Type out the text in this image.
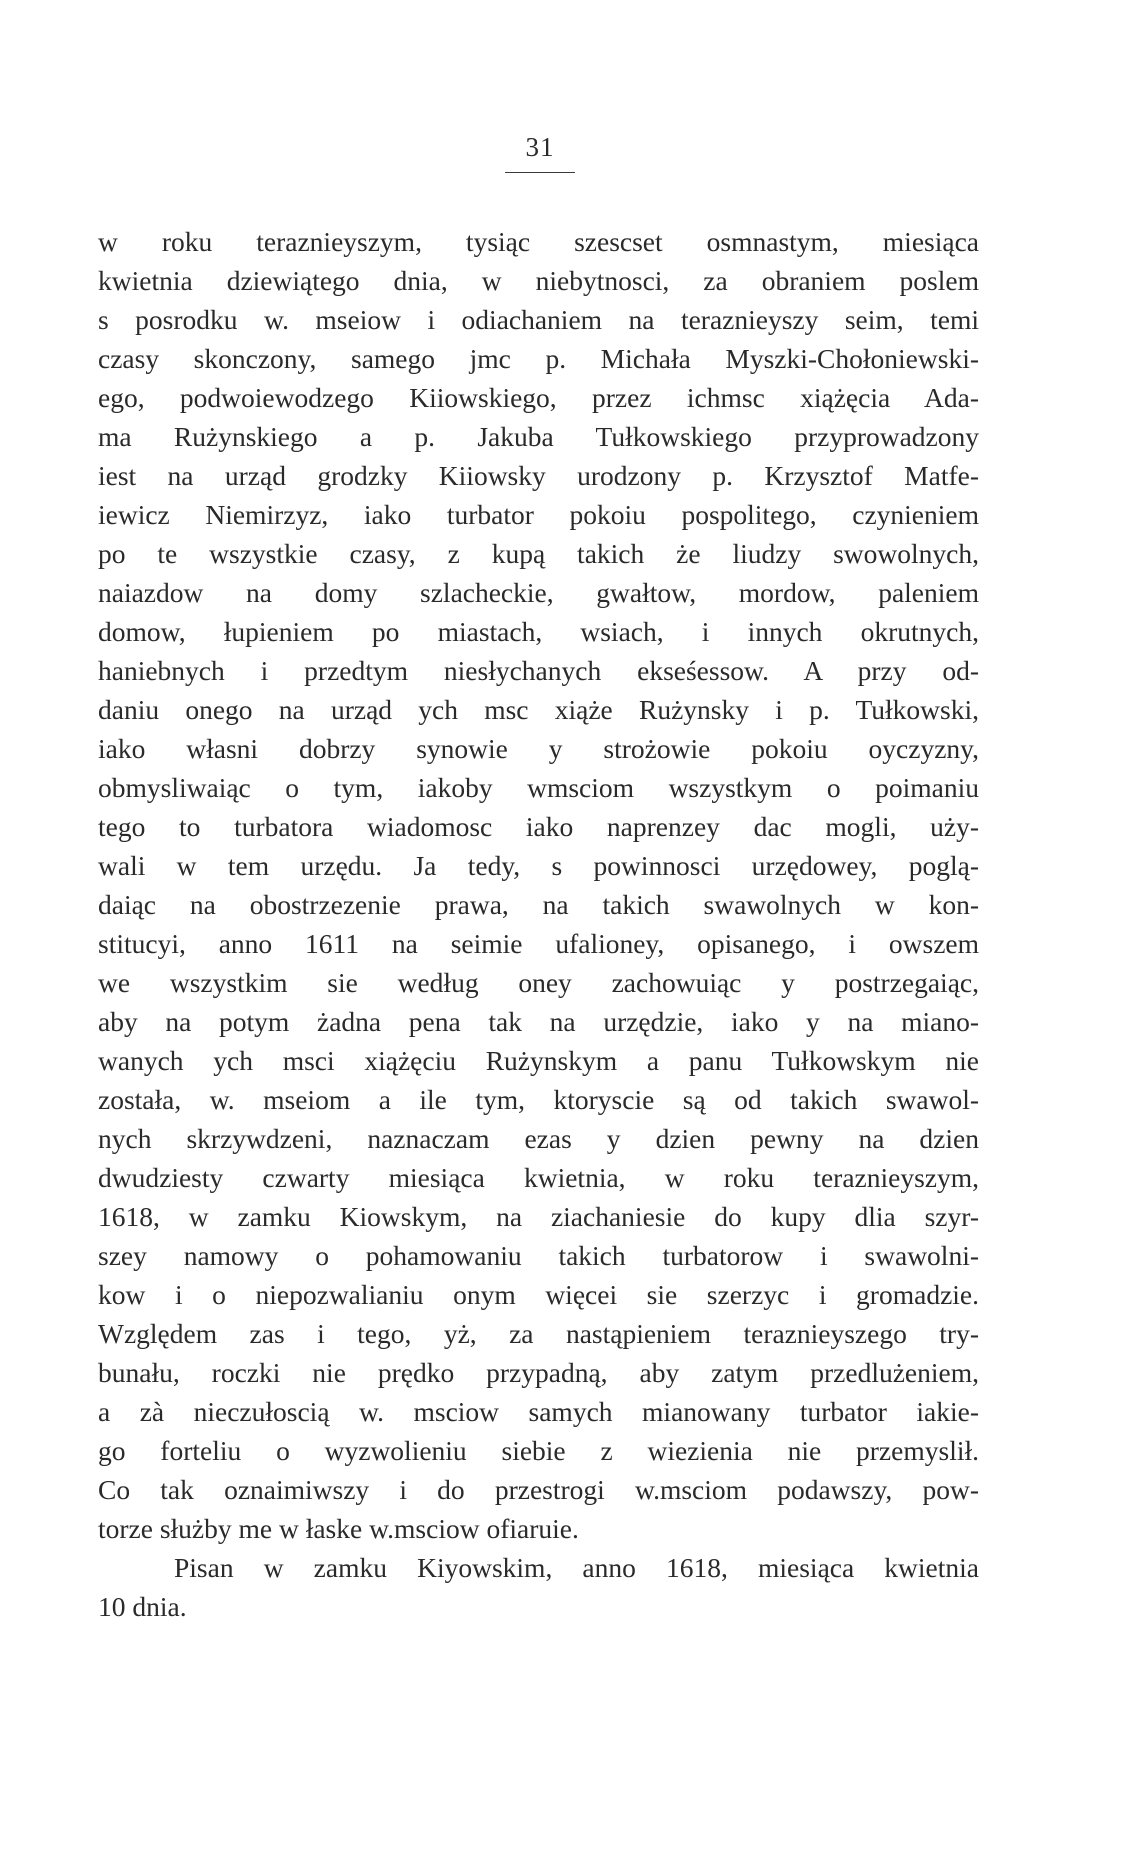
31
w roku teraznieyszym, tysiąc szescset osmnastym, miesiąca
kwietnia dziewiątego dnia, w niebytnosci, za obraniem poslem
s posrodku w. mseiow i odiachaniem na teraznieyszy seim, temi
czasy skonczony, samego jmc p. Michała Myszki-Chołoniewski-
ego, podwoiewodzego Kiiowskiego, przez ichmsc xiążęcia Ada-
ma Rużynskiego a p. Jakuba Tułkowskiego przyprowadzony
iest na urząd grodzky Kiiowsky urodzony p. Krzysztof Matfe-
iewicz Niemirzyz, iako turbator pokoiu pospolitego, czynieniem
po te wszystkie czasy, z kupą takich że liudzy swowolnych,
naiazdow na domy szlacheckie, gwałtow, mordow, paleniem
domow, łupieniem po miastach, wsiach, i innych okrutnych,
haniebnych i przedtym niesłychanych ekseśessow. A przy od-
daniu onego na urząd ych msc xiąże Rużynsky i p. Tułkowski,
iako własni dobrzy synowie y strożowie pokoiu oyczyzny,
obmysliwaiąc o tym, iakoby wmsciom wszystkym o poimaniu
tego to turbatora wiadomosc iako naprenzey dac mogli, uży-
wali w tem urzędu. Ja tedy, s powinnosci urzędowey, poglą-
daiąc na obostrzezenie prawa, na takich swawolnych w kon-
stitucyi, anno 1611 na seimie ufalioney, opisanego, i owszem
we wszystkim sie według oney zachowuiąc y postrzegaiąc,
aby na potym żadna pena tak na urzędzie, iako y na miano-
wanych ych msci xiążęciu Rużynskym a panu Tułkowskym nie
została, w. mseiom a ile tym, ktoryscie są od takich swawol-
nych skrzywdzeni, naznaczam ezas y dzien pewny na dzien
dwudziesty czwarty miesiąca kwietnia, w roku teraznieyszym,
1618, w zamku Kiowskym, na ziachaniesie do kupy dlia szyr-
szey namowy o pohamowaniu takich turbatorow i swawolni-
kow i o niepozwalianiu onym więcei sie szerzyc i gromadzie.
Względem zas i tego, yż, za nastąpieniem teraznieyszego try-
bunału, roczki nie prędko przypadną, aby zatym przedlużeniem,
a zà nieczułoscią w. msciow samych mianowany turbator iakie-
go forteliu o wyzwolieniu siebie z wiezienia nie przemyslił.
Co tak oznaimiwszy i do przestrogi w.msciom podawszy, pow-
torze służby me w łaske w.msciow ofiaruie.
Pisan w zamku Kiyowskim, anno 1618, miesiąca kwietnia
10 dnia.
